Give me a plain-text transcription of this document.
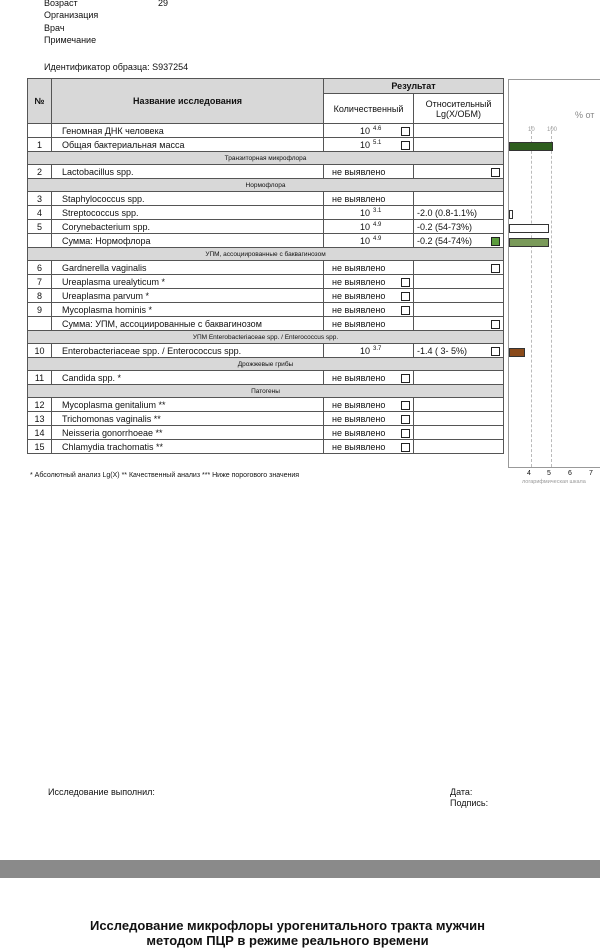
Возраст	29
Организация
Врач
Примечание
Идентификатор образца: S937254
№	Название исследования	Результат	
		Количественный	Относительный Lg(X/ОБМ)
	Геномная ДНК человека	10 $^{4.6}$

1	Общая бактериальная масса	10 $^{5.1}$

Транзиторная микрофлора			
2	Lactobacillus spp.	не выявлено	

Нормофлора			
3	Staphylococcus spp.	не выявлено	
4	Streptococcus spp.	10 $^{3.1}$	-2.0 (0.8-1.1%)
5	Corynebacterium spp.	10 $^{4.9}$	-0.2 (54-73%)
	Сумма: Нормофлора	10 $^{4.9}$	-0.2 (54-74%)

УПМ, ассоциированные с баквагинозом			
6	Gardnerella vaginalis	не выявлено	

7	Ureaplasma urealyticum *	не выявлено

8	Ureaplasma parvum *	не выявлено

9	Mycoplasma hominis *	не выявлено

	Сумма: УПМ, ассоциированные с баквагинозом	не выявлено	

УПМ Enterobacteriaceae spp. / Enterococcus spp.			
10	Enterobacteriaceae spp. / Enterococcus spp.	10 $^{3.7}$	-1.4 ( 3- 5%)

Дрожжевые грибы			
11	Candida spp. *	не выявлено

Патогены			
12	Mycoplasma genitalium **	не выявлено

13	Trichomonas vaginalis **	не выявлено

14	Neisseria gonorrhoeae **	не выявлено

15	Chlamydia trachomatis **	не выявлено

* Абсолютный анализ Lg(X) ** Качественный анализ *** Ниже порогового значения
% от
10 100
4 5 6 7
логарифмическая шкала
Исследование выполнил:	Дата:
Подпись:
Исследование микрофлоры урогенитального тракта мужчин
методом ПЦР в режиме реального времени
